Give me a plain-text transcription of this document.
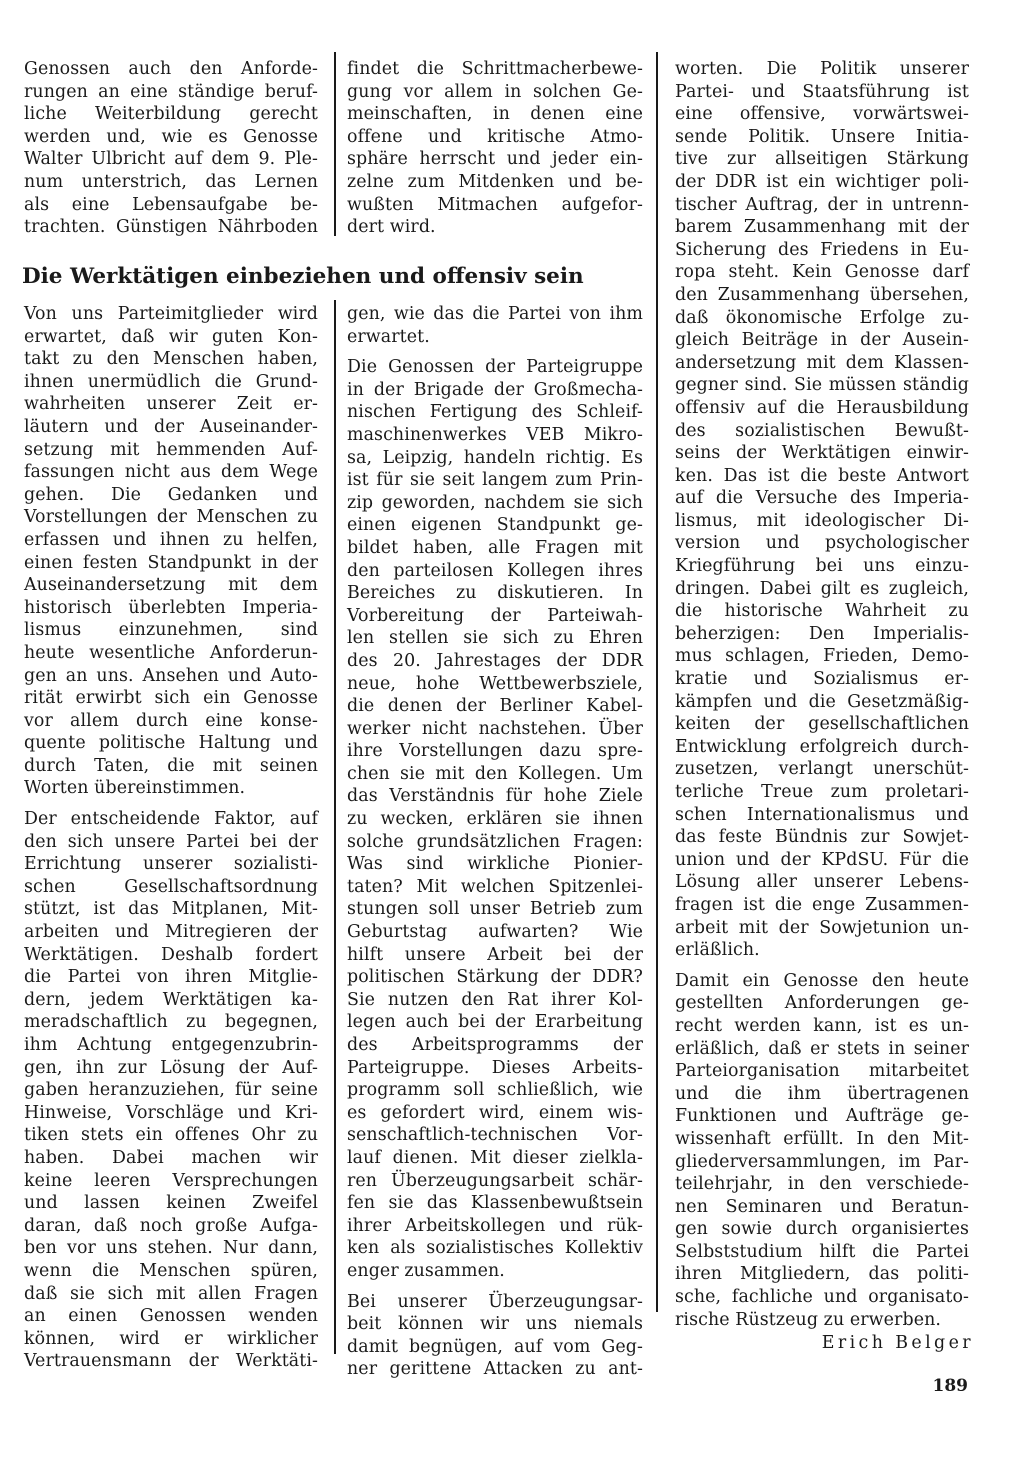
Genossen auch den Anforde-
rungen an eine ständige beruf-
liche Weiterbildung gerecht
werden und, wie es Genosse
Walter Ulbricht auf dem 9. Ple-
num unterstrich, das Lernen
als eine Lebensaufgabe be-
trachten. Günstigen Nährboden

findet die Schrittmacherbewe-
gung vor allem in solchen Ge-
meinschaften, in denen eine
offene und kritische Atmo-
sphäre herrscht und jeder ein-
zelne zum Mitdenken und be-
wußten Mitmachen aufgefor-
dert wird.

Die Werktätigen einbeziehen und offensiv sein

Von uns Parteimitglieder wird
erwartet, daß wir guten Kon-
takt zu den Menschen haben,
ihnen unermüdlich die Grund-
wahrheiten unserer Zeit er-
läutern und der Auseinander-
setzung mit hemmenden Auf-
fassungen nicht aus dem Wege
gehen. Die Gedanken und
Vorstellungen der Menschen zu
erfassen und ihnen zu helfen,
einen festen Standpunkt in der
Auseinandersetzung mit dem
historisch überlebten Imperia-
lismus einzunehmen, sind
heute wesentliche Anforderun-
gen an uns. Ansehen und Auto-
rität erwirbt sich ein Genosse
vor allem durch eine konse-
quente politische Haltung und
durch Taten, die mit seinen
Worten übereinstimmen.

Der entscheidende Faktor, auf
den sich unsere Partei bei der
Errichtung unserer sozialisti-
schen Gesellschaftsordnung
stützt, ist das Mitplanen, Mit-
arbeiten und Mitregieren der
Werktätigen. Deshalb fordert
die Partei von ihren Mitglie-
dern, jedem Werktätigen ka-
meradschaftlich zu begegnen,
ihm Achtung entgegenzubrin-
gen, ihn zur Lösung der Auf-
gaben heranzuziehen, für seine
Hinweise, Vorschläge und Kri-
tiken stets ein offenes Ohr zu
haben. Dabei machen wir
keine leeren Versprechungen
und lassen keinen Zweifel
daran, daß noch große Aufga-
ben vor uns stehen. Nur dann,
wenn die Menschen spüren,
daß sie sich mit allen Fragen
an einen Genossen wenden
können, wird er wirklicher
Vertrauensmann der Werktäti-

gen, wie das die Partei von ihm
erwartet.

Die Genossen der Parteigruppe
in der Brigade der Großmecha-
nischen Fertigung des Schleif-
maschinenwerkes VEB Mikro-
sa, Leipzig, handeln richtig. Es
ist für sie seit langem zum Prin-
zip geworden, nachdem sie sich
einen eigenen Standpunkt ge-
bildet haben, alle Fragen mit
den parteilosen Kollegen ihres
Bereiches zu diskutieren. In
Vorbereitung der Parteiwah-
len stellen sie sich zu Ehren
des 20. Jahrestages der DDR
neue, hohe Wettbewerbsziele,
die denen der Berliner Kabel-
werker nicht nachstehen. Über
ihre Vorstellungen dazu spre-
chen sie mit den Kollegen. Um
das Verständnis für hohe Ziele
zu wecken, erklären sie ihnen
solche grundsätzlichen Fragen:
Was sind wirkliche Pionier-
taten? Mit welchen Spitzenlei-
stungen soll unser Betrieb zum
Geburtstag aufwarten? Wie
hilft unsere Arbeit bei der
politischen Stärkung der DDR?
Sie nutzen den Rat ihrer Kol-
legen auch bei der Erarbeitung
des Arbeitsprogramms der
Parteigruppe. Dieses Arbeits-
programm soll schließlich, wie
es gefordert wird, einem wis-
senschaftlich-technischen Vor-
lauf dienen. Mit dieser zielkla-
ren Überzeugungsarbeit schär-
fen sie das Klassenbewußtsein
ihrer Arbeitskollegen und rük-
ken als sozialistisches Kollektiv
enger zusammen.

Bei unserer Überzeugungsar-
beit können wir uns niemals
damit begnügen, auf vom Geg-
ner gerittene Attacken zu ant-

worten. Die Politik unserer
Partei- und Staatsführung ist
eine offensive, vorwärtswei-
sende Politik. Unsere Initia-
tive zur allseitigen Stärkung
der DDR ist ein wichtiger poli-
tischer Auftrag, der in untrenn-
barem Zusammenhang mit der
Sicherung des Friedens in Eu-
ropa steht. Kein Genosse darf
den Zusammenhang übersehen,
daß ökonomische Erfolge zu-
gleich Beiträge in der Ausein-
andersetzung mit dem Klassen-
gegner sind. Sie müssen ständig
offensiv auf die Herausbildung
des sozialistischen Bewußt-
seins der Werktätigen einwir-
ken. Das ist die beste Antwort
auf die Versuche des Imperia-
lismus, mit ideologischer Di-
version und psychologischer
Kriegführung bei uns einzu-
dringen. Dabei gilt es zugleich,
die historische Wahrheit zu
beherzigen: Den Imperialis-
mus schlagen, Frieden, Demo-
kratie und Sozialismus er-
kämpfen und die Gesetzmäßig-
keiten der gesellschaftlichen
Entwicklung erfolgreich durch-
zusetzen, verlangt unerschüt-
terliche Treue zum proletari-
schen Internationalismus und
das feste Bündnis zur Sowjet-
union und der KPdSU. Für die
Lösung aller unserer Lebens-
fragen ist die enge Zusammen-
arbeit mit der Sowjetunion un-
erläßlich.

Damit ein Genosse den heute
gestellten Anforderungen ge-
recht werden kann, ist es un-
erläßlich, daß er stets in seiner
Parteiorganisation mitarbeitet
und die ihm übertragenen
Funktionen und Aufträge ge-
wissenhaft erfüllt. In den Mit-
gliederversammlungen, im Par-
teilehrjahr, in den verschiede-
nen Seminaren und Beratun-
gen sowie durch organisiertes
Selbststudium hilft die Partei
ihren Mitgliedern, das politi-
sche, fachliche und organisato-
rische Rüstzeug zu erwerben.

Erich Belger
189
